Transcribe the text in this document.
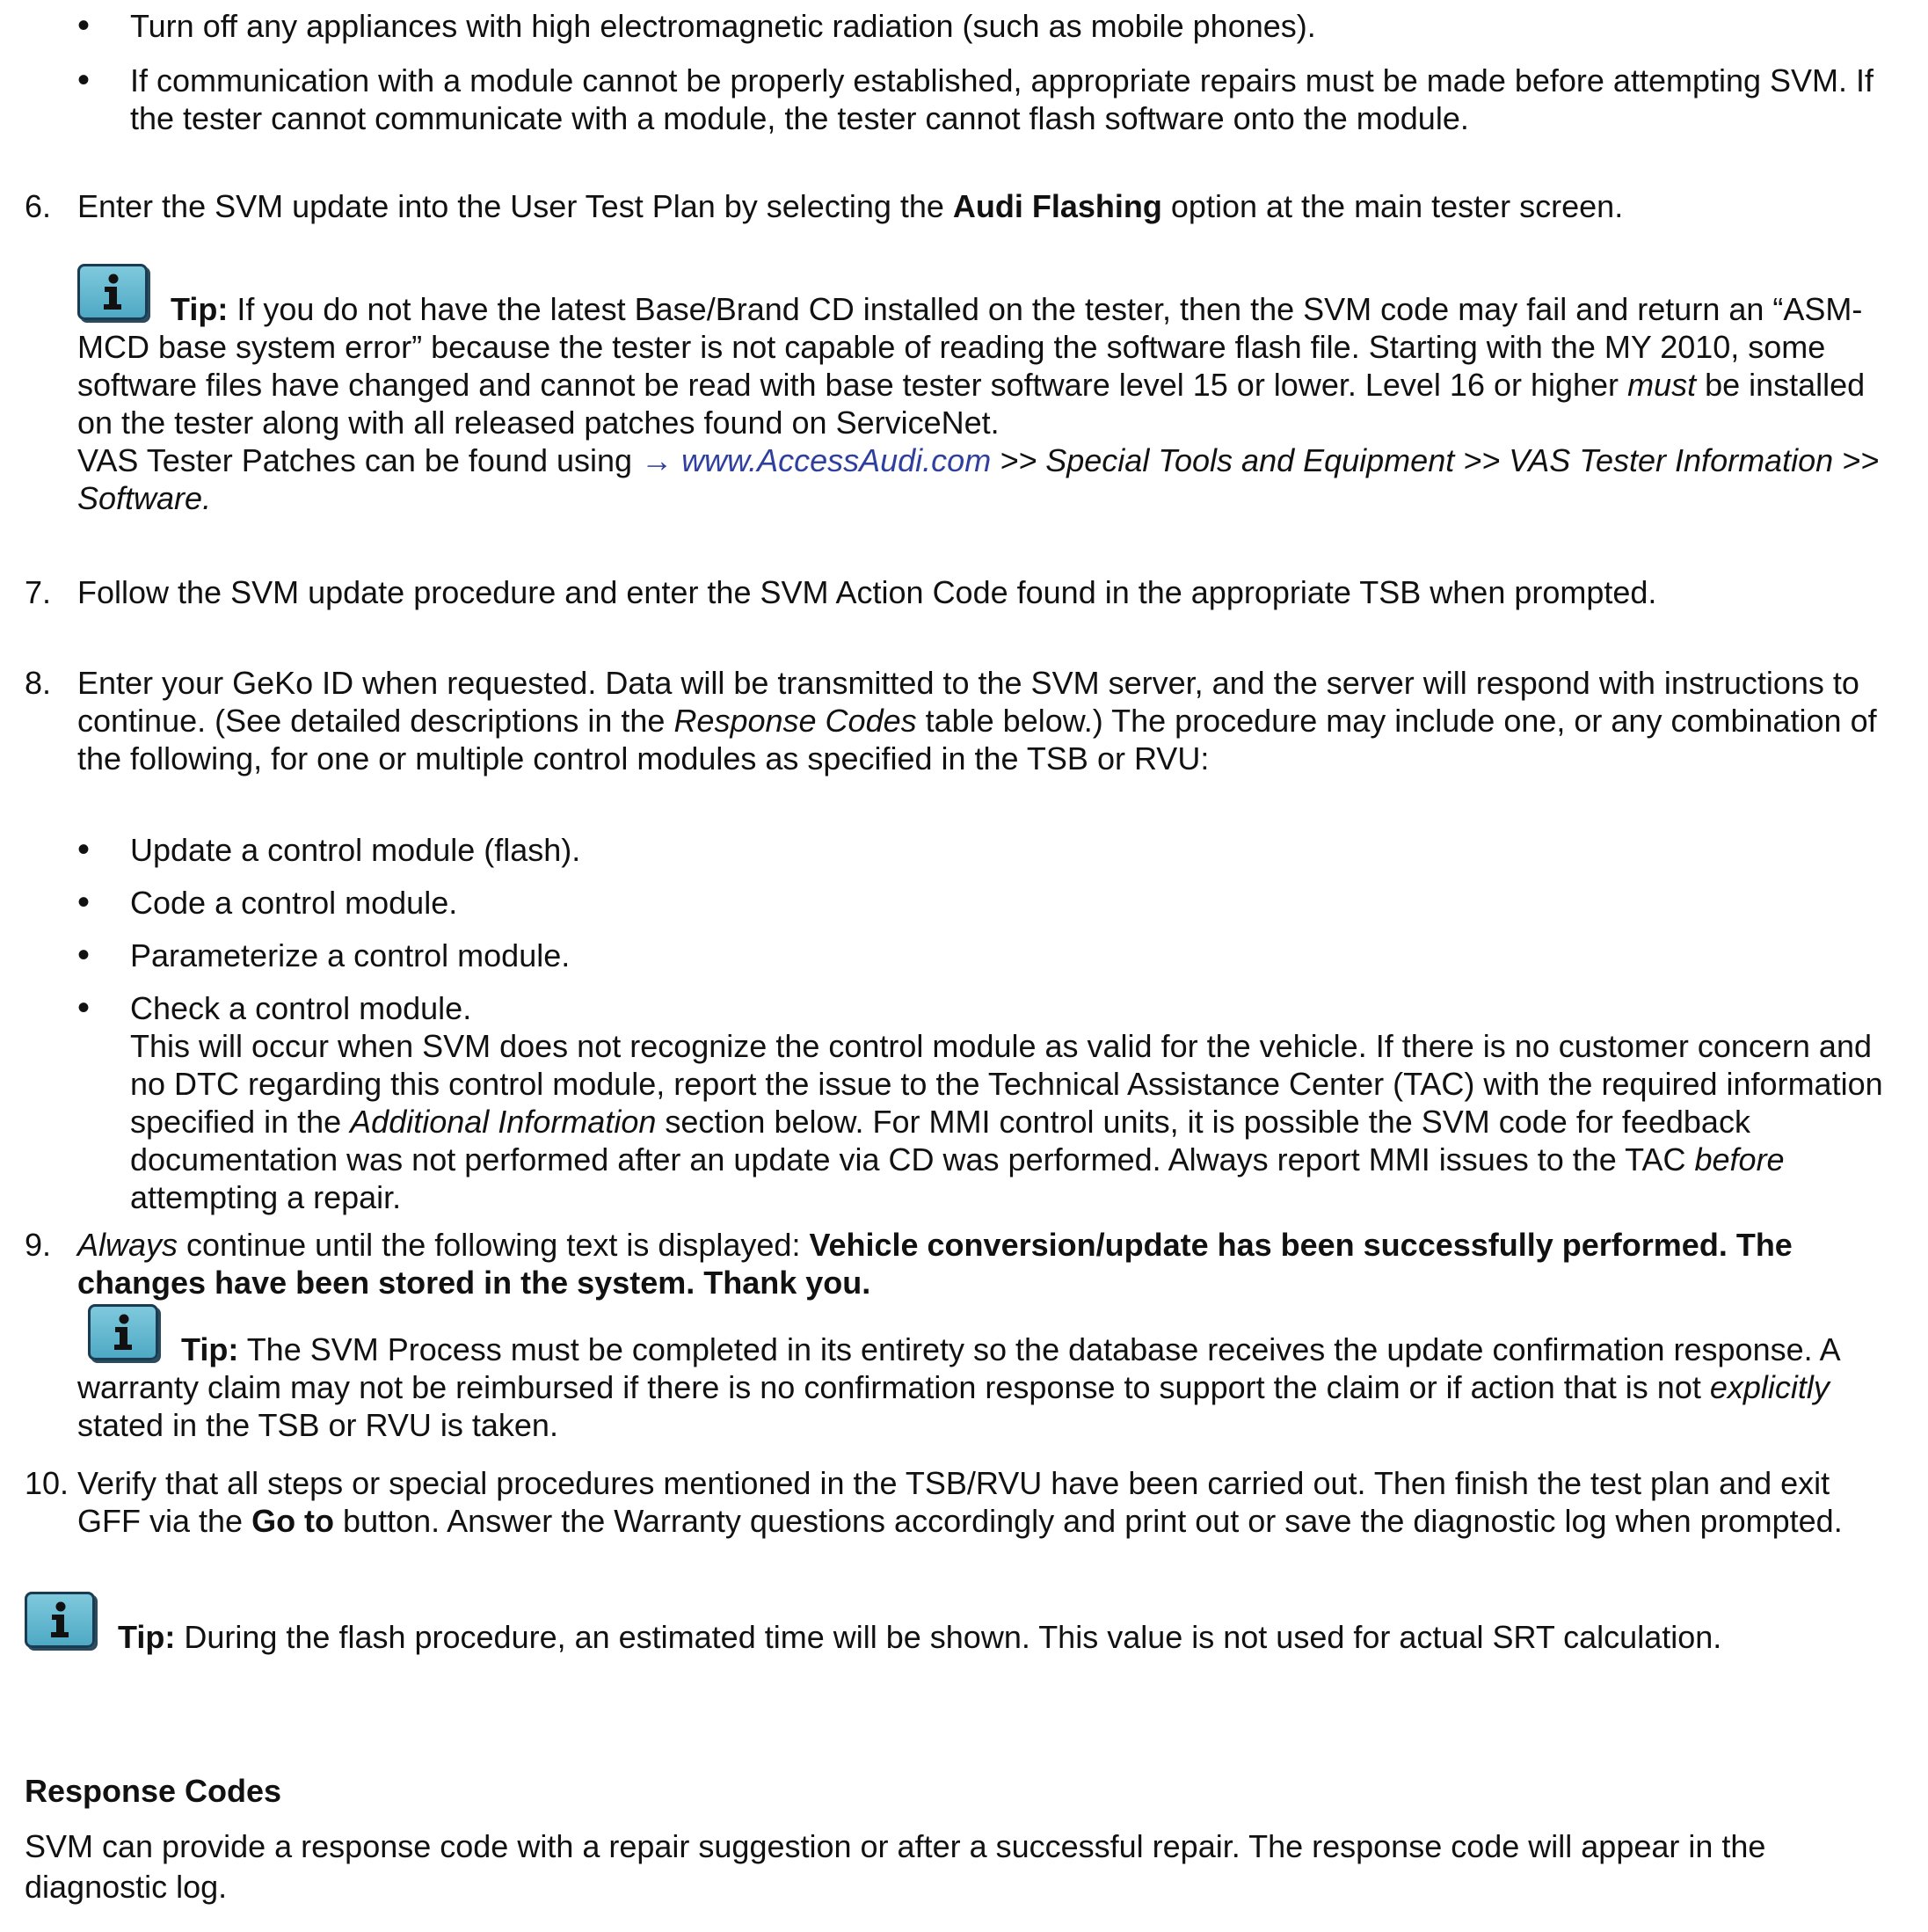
• Turn off any appliances with high electromagnetic radiation (such as mobile phones).
• If communication with a module cannot be properly established, appropriate repairs must be made before attempting SVM. If the tester cannot communicate with a module, the tester cannot flash software onto the module.
6. Enter the SVM update into the User Test Plan by selecting the Audi Flashing option at the main tester screen.
Tip: If you do not have the latest Base/Brand CD installed on the tester, then the SVM code may fail and return an “ASM-MCD base system error” because the tester is not capable of reading the software flash file. Starting with the MY 2010, some software files have changed and cannot be read with base tester software level 15 or lower. Level 16 or higher must be installed on the tester along with all released patches found on ServiceNet.
VAS Tester Patches can be found using → www.AccessAudi.com >> Special Tools and Equipment >> VAS Tester Information >> Software.
7. Follow the SVM update procedure and enter the SVM Action Code found in the appropriate TSB when prompted.
8. Enter your GeKo ID when requested. Data will be transmitted to the SVM server, and the server will respond with instructions to continue. (See detailed descriptions in the Response Codes table below.) The procedure may include one, or any combination of the following, for one or multiple control modules as specified in the TSB or RVU:
• Update a control module (flash).
• Code a control module.
• Parameterize a control module.
• Check a control module.
This will occur when SVM does not recognize the control module as valid for the vehicle. If there is no customer concern and no DTC regarding this control module, report the issue to the Technical Assistance Center (TAC) with the required information specified in the Additional Information section below. For MMI control units, it is possible the SVM code for feedback documentation was not performed after an update via CD was performed. Always report MMI issues to the TAC before attempting a repair.
9. Always continue until the following text is displayed: Vehicle conversion/update has been successfully performed. The changes have been stored in the system. Thank you.
Tip: The SVM Process must be completed in its entirety so the database receives the update confirmation response. A warranty claim may not be reimbursed if there is no confirmation response to support the claim or if action that is not explicitly stated in the TSB or RVU is taken.
10. Verify that all steps or special procedures mentioned in the TSB/RVU have been carried out. Then finish the test plan and exit GFF via the Go to button. Answer the Warranty questions accordingly and print out or save the diagnostic log when prompted.
Tip: During the flash procedure, an estimated time will be shown. This value is not used for actual SRT calculation.
Response Codes
SVM can provide a response code with a repair suggestion or after a successful repair. The response code will appear in the diagnostic log.
